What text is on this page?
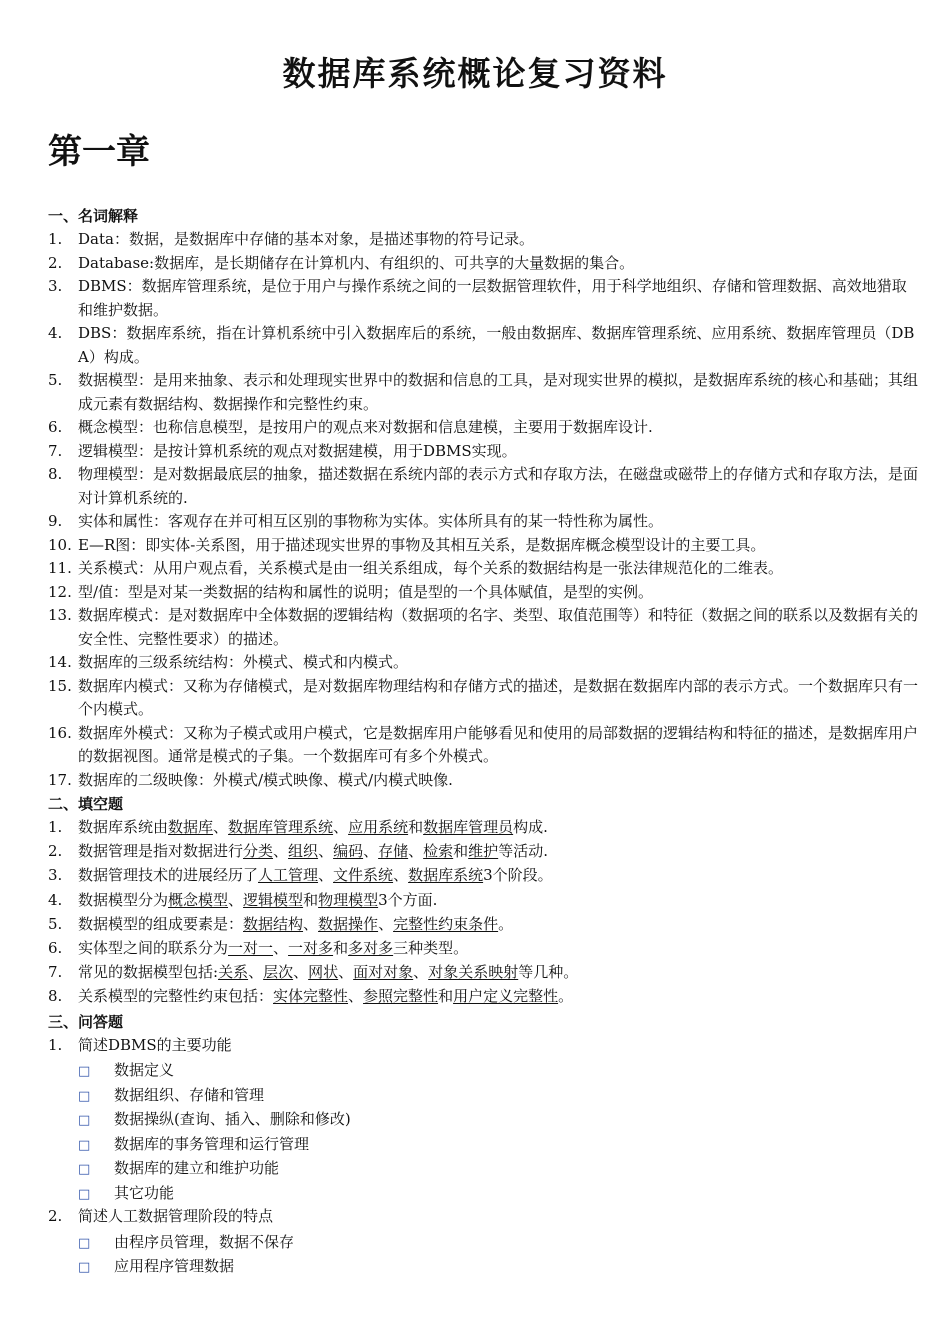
数据库系统概论复习资料
第一章
一、名词解释
1.	Data：数据，是数据库中存储的基本对象，是描述事物的符号记录。
2.	Database:数据库，是长期储存在计算机内、有组织的、可共享的大量数据的集合。
3.	DBMS：数据库管理系统，是位于用户与操作系统之间的一层数据管理软件，用于科学地组织、存储和管理数据、高效地猎取和维护数据。
4.	DBS：数据库系统，指在计算机系统中引入数据库后的系统，一般由数据库、数据库管理系统、应用系统、数据库管理员（DBA）构成。
5.	数据模型：是用来抽象、表示和处理现实世界中的数据和信息的工具，是对现实世界的模拟，是数据库系统的核心和基础；其组成元素有数据结构、数据操作和完整性约束。
6.	概念模型：也称信息模型，是按用户的观点来对数据和信息建模，主要用于数据库设计.
7.	逻辑模型：是按计算机系统的观点对数据建模，用于DBMS实现。
8.	物理模型：是对数据最底层的抽象，描述数据在系统内部的表示方式和存取方法，在磁盘或磁带上的存储方式和存取方法，是面对计算机系统的.
9.	实体和属性：客观存在并可相互区别的事物称为实体。实体所具有的某一特性称为属性。
10. E—R图：即实体-关系图，用于描述现实世界的事物及其相互关系，是数据库概念模型设计的主要工具。
11. 关系模式：从用户观点看，关系模式是由一组关系组成，每个关系的数据结构是一张法律规范化的二维表。
12. 型/值：型是对某一类数据的结构和属性的说明；值是型的一个具体赋值，是型的实例。
13. 数据库模式：是对数据库中全体数据的逻辑结构（数据项的名字、类型、取值范围等）和特征（数据之间的联系以及数据有关的安全性、完整性要求）的描述。
14. 数据库的三级系统结构：外模式、模式和内模式。
15. 数据库内模式：又称为存储模式，是对数据库物理结构和存储方式的描述，是数据在数据库内部的表示方式。一个数据库只有一个内模式。
16. 数据库外模式：又称为子模式或用户模式，它是数据库用户能够看见和使用的局部数据的逻辑结构和特征的描述，是数据库用户的数据视图。通常是模式的子集。一个数据库可有多个外模式。
17. 数据库的二级映像：外模式/模式映像、模式/内模式映像.
二、填空题
1.	数据库系统由数据库、数据库管理系统、应用系统和数据库管理员构成.
2.	数据管理是指对数据进行分类、组织、编码、存储、检索和维护等活动.
3.	数据管理技术的进展经历了人工管理、文件系统、数据库系统3个阶段。
4.	数据模型分为概念模型、逻辑模型和物理模型3个方面.
5.	数据模型的组成要素是：数据结构、数据操作、完整性约束条件。
6.	实体型之间的联系分为一对一、一对多和多对多三种类型。
7.	常见的数据模型包括:关系、层次、网状、面对对象、对象关系映射等几种。
8.	关系模型的完整性约束包括：实体完整性、参照完整性和用户定义完整性。
三、问答题
1.	简述DBMS的主要功能
□ 数据定义
□ 数据组织、存储和管理
□ 数据操纵(查询、插入、删除和修改)
□ 数据库的事务管理和运行管理
□ 数据库的建立和维护功能
□ 其它功能
2.	简述人工数据管理阶段的特点
□ 由程序员管理，数据不保存
□ 应用程序管理数据
